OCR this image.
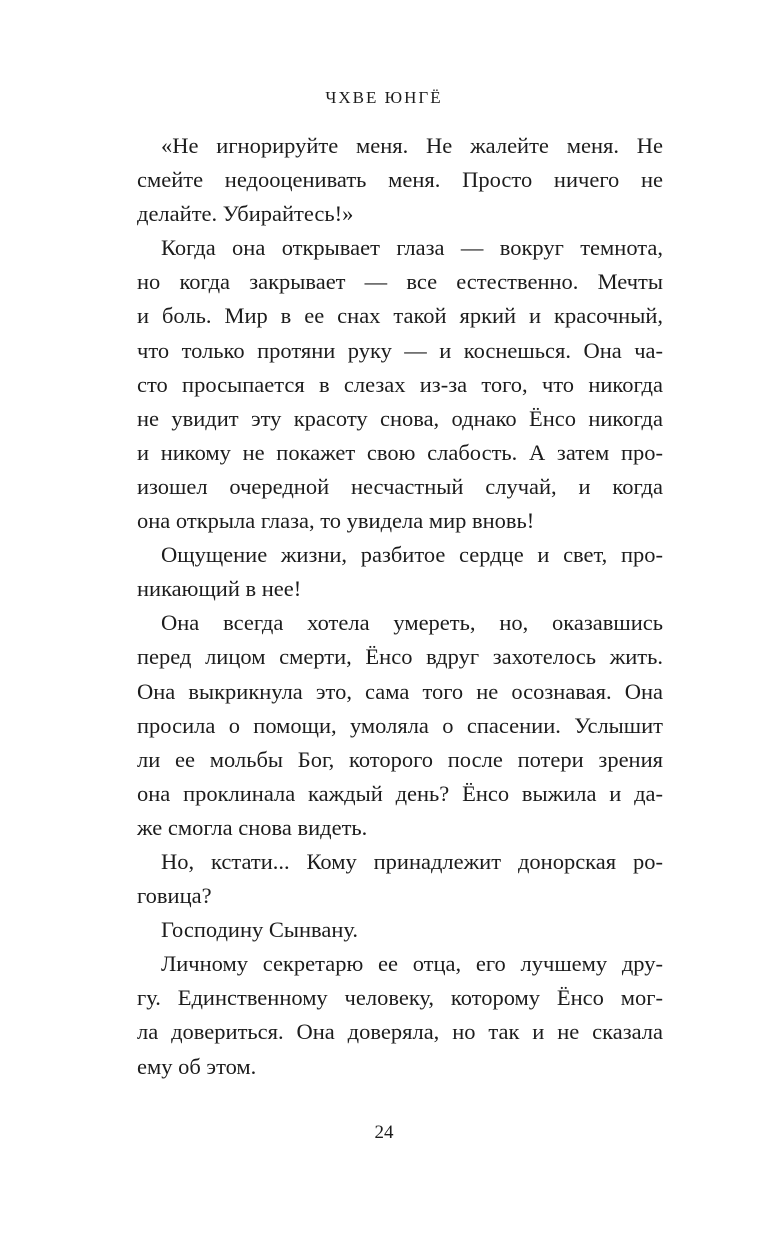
ЧХВЕ ЮНГЁ
«Не игнорируйте меня. Не жалейте меня. Не
смейте недооценивать меня. Просто ничего не
делайте. Убирайтесь!»
Когда она открывает глаза — вокруг темнота,
но когда закрывает — все естественно. Мечты
и боль. Мир в ее снах такой яркий и красочный,
что только протяни руку — и коснешься. Она ча-
сто просыпается в слезах из-за того, что никогда
не увидит эту красоту снова, однако Ёнсо никогда
и никому не покажет свою слабость. А затем про-
изошел очередной несчастный случай, и когда
она открыла глаза, то увидела мир вновь!
Ощущение жизни, разбитое сердце и свет, про-
никающий в нее!
Она всегда хотела умереть, но, оказавшись
перед лицом смерти, Ёнсо вдруг захотелось жить.
Она выкрикнула это, сама того не осознавая. Она
просила о помощи, умоляла о спасении. Услышит
ли ее мольбы Бог, которого после потери зрения
она проклинала каждый день? Ёнсо выжила и да-
же смогла снова видеть.
Но, кстати... Кому принадлежит донорская ро-
говица?
Господину Сынвану.
Личному секретарю ее отца, его лучшему дру-
гу. Единственному человеку, которому Ёнсо мог-
ла довериться. Она доверяла, но так и не сказала
ему об этом.
24
